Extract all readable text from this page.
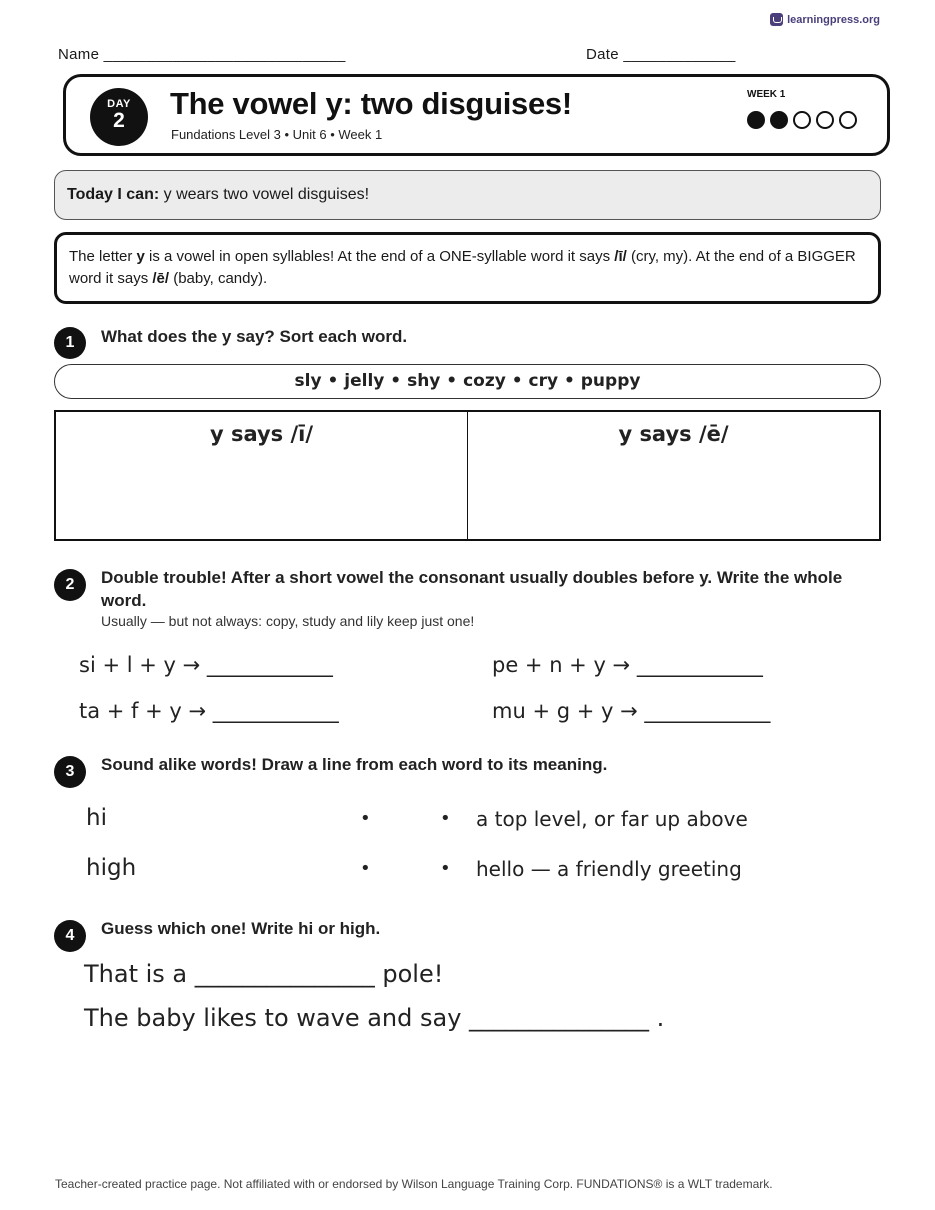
learningpress.org
Name ____________________________	Date _____________
DAY
2	The vowel y: two disguises!
Fundations Level 3 • Unit 6 • Week 1
WEEK 1
Today I can: y wears two vowel disguises!
The letter y is a vowel in open syllables! At the end of a ONE-syllable word it says /ī/ (cry, my). At the end of a BIGGER word it says /ē/ (baby, candy).
1	What does the y say? Sort each word.
sly • jelly • shy • cozy • cry • puppy
y says /ī/	y says /ē/
2	Double trouble! After a short vowel the consonant usually doubles before y. Write the whole word.
Usually — but not always: copy, study and lily keep just one!
si + l + y → ____________	pe + n + y → ____________
ta + f + y → ____________	mu + g + y → ____________
3	Sound alike words! Draw a line from each word to its meaning.
hi	•	• a top level, or far up above
high	•	• hello — a friendly greeting
4	Guess which one! Write hi or high.
That is a _______________ pole!
The baby likes to wave and say _______________ .
Teacher-created practice page. Not affiliated with or endorsed by Wilson Language Training Corp. FUNDATIONS® is a WLT trademark.
